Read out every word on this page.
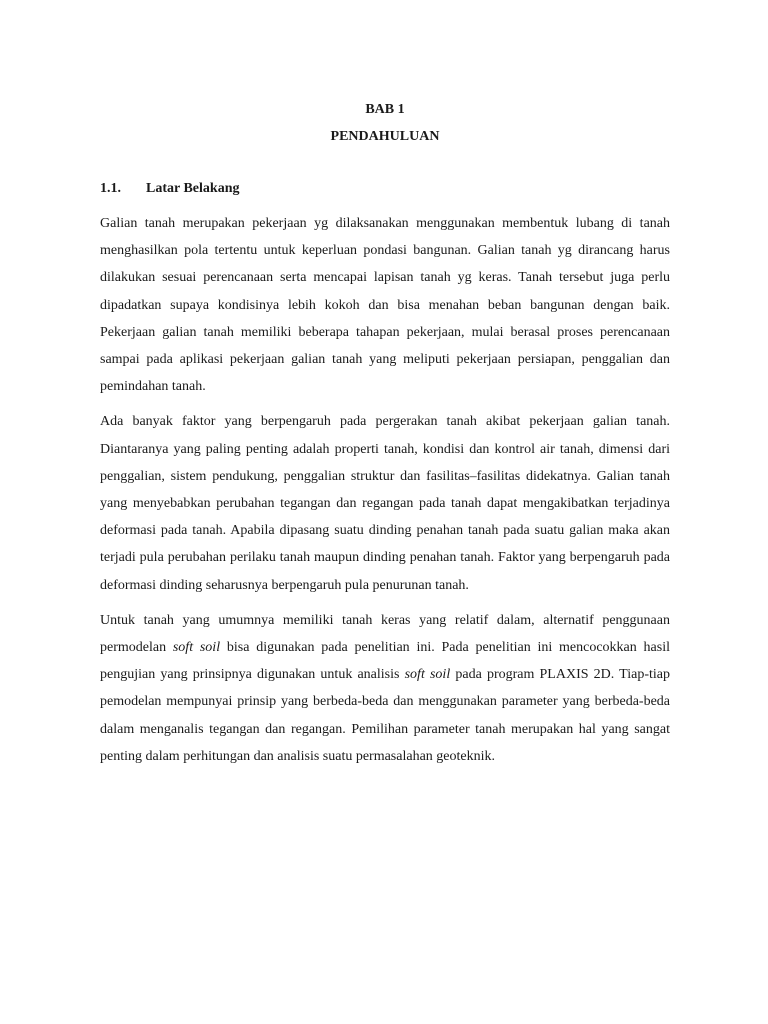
BAB 1

PENDAHULUAN

1.1.	Latar Belakang

Galian tanah merupakan pekerjaan yg dilaksanakan menggunakan membentuk lubang di tanah menghasilkan pola tertentu untuk keperluan pondasi bangunan. Galian tanah yg dirancang harus dilakukan sesuai perencanaan serta mencapai lapisan tanah yg keras. Tanah tersebut juga perlu dipadatkan supaya kondisinya lebih kokoh dan bisa menahan beban bangunan dengan baik. Pekerjaan galian tanah memiliki beberapa tahapan pekerjaan, mulai berasal proses perencanaan sampai pada aplikasi pekerjaan galian tanah yang meliputi pekerjaan persiapan, penggalian dan pemindahan tanah.

Ada banyak faktor yang berpengaruh pada pergerakan tanah akibat pekerjaan galian tanah. Diantaranya yang paling penting adalah properti tanah, kondisi dan kontrol air tanah, dimensi dari penggalian, sistem pendukung, penggalian struktur dan fasilitas–fasilitas didekatnya. Galian tanah yang menyebabkan perubahan tegangan dan regangan pada tanah dapat mengakibatkan terjadinya deformasi pada tanah. Apabila dipasang suatu dinding penahan tanah pada suatu galian maka akan terjadi pula perubahan perilaku tanah maupun dinding penahan tanah. Faktor yang berpengaruh pada deformasi dinding seharusnya berpengaruh pula penurunan tanah.

Untuk tanah yang umumnya memiliki tanah keras yang relatif dalam, alternatif penggunaan permodelan soft soil bisa digunakan pada penelitian ini. Pada penelitian ini mencocokkan hasil pengujian yang prinsipnya digunakan untuk analisis soft soil pada program PLAXIS 2D. Tiap-tiap pemodelan mempunyai prinsip yang berbeda-beda dan menggunakan parameter yang berbeda-beda dalam menganalis tegangan dan regangan. Pemilihan parameter tanah merupakan hal yang sangat penting dalam perhitungan dan analisis suatu permasalahan geoteknik.
